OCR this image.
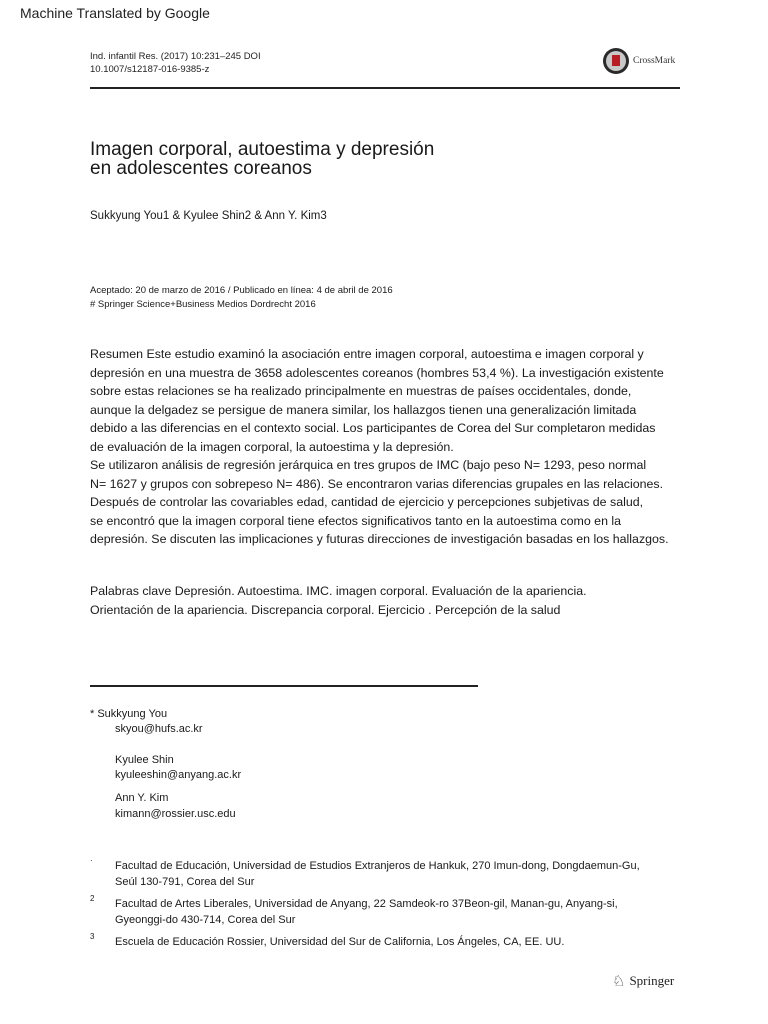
Machine Translated by Google
Ind. infantil Res. (2017) 10:231–245 DOI
10.1007/s12187-016-9385-z
CrossMark
Imagen corporal, autoestima y depresión
en adolescentes coreanos
Sukkyung You1 & Kyulee Shin2 & Ann Y. Kim3
Aceptado: 20 de marzo de 2016 / Publicado en línea: 4 de abril de 2016
# Springer Science+Business Medios Dordrecht 2016
Resumen Este estudio examinó la asociación entre imagen corporal, autoestima e imagen corporal y
depresión en una muestra de 3658 adolescentes coreanos (hombres 53,4 %). La investigación existente
sobre estas relaciones se ha realizado principalmente en muestras de países occidentales, donde,
aunque la delgadez se persigue de manera similar, los hallazgos tienen una generalización limitada
debido a las diferencias en el contexto social. Los participantes de Corea del Sur completaron medidas
de evaluación de la imagen corporal, la autoestima y la depresión.
Se utilizaron análisis de regresión jerárquica en tres grupos de IMC (bajo peso N= 1293, peso normal
N= 1627 y grupos con sobrepeso N= 486). Se encontraron varias diferencias grupales en las relaciones.
Después de controlar las covariables edad, cantidad de ejercicio y percepciones subjetivas de salud,
se encontró que la imagen corporal tiene efectos significativos tanto en la autoestima como en la
depresión. Se discuten las implicaciones y futuras direcciones de investigación basadas en los hallazgos.
Palabras clave Depresión. Autoestima. IMC. imagen corporal. Evaluación de la apariencia.
Orientación de la apariencia. Discrepancia corporal. Ejercicio . Percepción de la salud
* Sukkyung You
skyou@hufs.ac.kr
Kyulee Shin
kyuleeshin@anyang.ac.kr
Ann Y. Kim
kimann@rossier.usc.edu
· Facultad de Educación, Universidad de Estudios Extranjeros de Hankuk, 270 Imun-dong, Dongdaemun-Gu,
Seúl 130-791, Corea del Sur
2 Facultad de Artes Liberales, Universidad de Anyang, 22 Samdeok-ro 37Beon-gil, Manan-gu, Anyang-si,
Gyeonggi-do 430-714, Corea del Sur
3 Escuela de Educación Rossier, Universidad del Sur de California, Los Ángeles, CA, EE. UU.
♘ Springer
